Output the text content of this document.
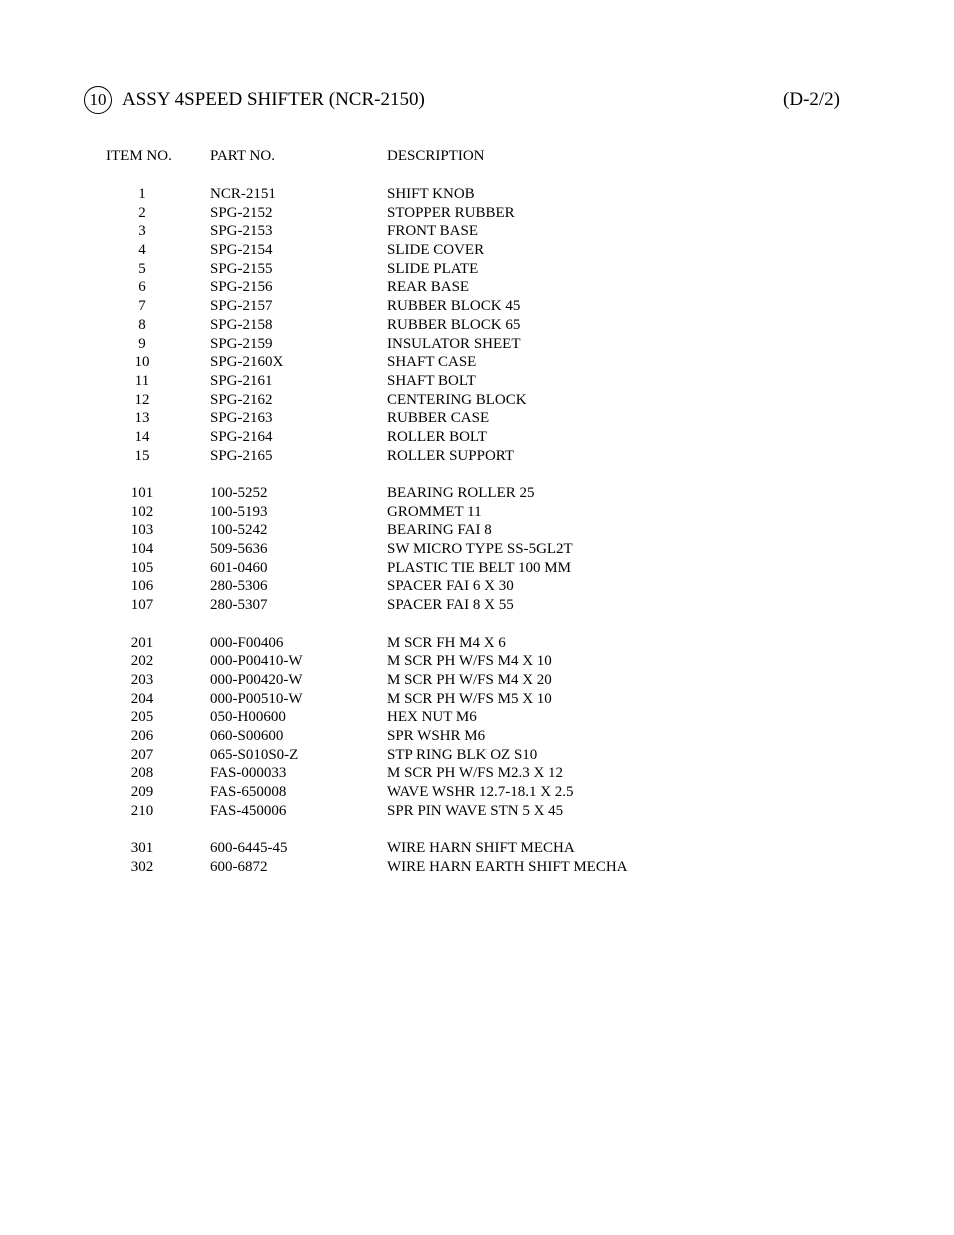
10 ASSY 4SPEED SHIFTER (NCR-2150)	(D-2/2)
ITEM NO.	PART NO.	DESCRIPTION
1	NCR-2151	SHIFT KNOB
2	SPG-2152	STOPPER RUBBER
3	SPG-2153	FRONT BASE
4	SPG-2154	SLIDE COVER
5	SPG-2155	SLIDE PLATE
6	SPG-2156	REAR BASE
7	SPG-2157	RUBBER BLOCK 45
8	SPG-2158	RUBBER BLOCK 65
9	SPG-2159	INSULATOR SHEET
10	SPG-2160X	SHAFT CASE
11	SPG-2161	SHAFT BOLT
12	SPG-2162	CENTERING BLOCK
13	SPG-2163	RUBBER CASE
14	SPG-2164	ROLLER BOLT
15	SPG-2165	ROLLER SUPPORT
101	100-5252	BEARING ROLLER 25
102	100-5193	GROMMET 11
103	100-5242	BEARING FAI 8
104	509-5636	SW MICRO TYPE SS-5GL2T
105	601-0460	PLASTIC TIE BELT 100 MM
106	280-5306	SPACER FAI 6 X 30
107	280-5307	SPACER FAI 8 X 55
201	000-F00406	M SCR FH M4 X 6
202	000-P00410-W	M SCR PH W/FS M4 X 10
203	000-P00420-W	M SCR PH W/FS M4 X 20
204	000-P00510-W	M SCR PH W/FS M5 X 10
205	050-H00600	HEX NUT M6
206	060-S00600	SPR WSHR M6
207	065-S010S0-Z	STP RING BLK OZ S10
208	FAS-000033	M SCR PH W/FS M2.3 X 12
209	FAS-650008	WAVE WSHR 12.7-18.1 X 2.5
210	FAS-450006	SPR PIN WAVE STN 5 X 45
301	600-6445-45	WIRE HARN SHIFT MECHA
302	600-6872	WIRE HARN EARTH SHIFT MECHA
